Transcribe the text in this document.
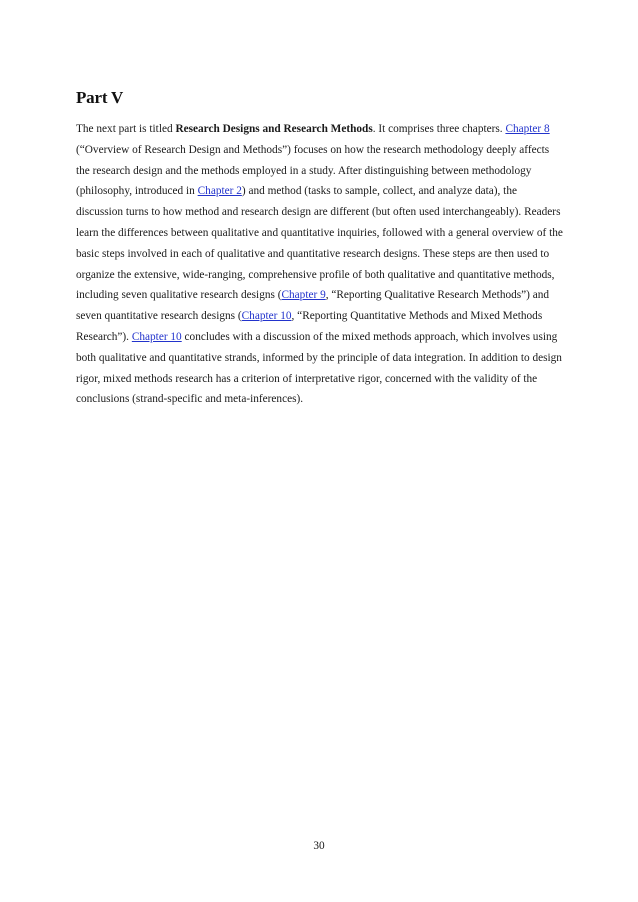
Part V

The next part is titled Research Designs and Research Methods. It comprises three chapters. Chapter 8 (“Overview of Research Design and Methods”) focuses on how the research methodology deeply affects the research design and the methods employed in a study. After distinguishing between methodology (philosophy, introduced in Chapter 2) and method (tasks to sample, collect, and analyze data), the discussion turns to how method and research design are different (but often used interchangeably). Readers learn the differences between qualitative and quantitative inquiries, followed with a general overview of the basic steps involved in each of qualitative and quantitative research designs. These steps are then used to organize the extensive, wide-ranging, comprehensive profile of both qualitative and quantitative methods, including seven qualitative research designs (Chapter 9, “Reporting Qualitative Research Methods”) and seven quantitative research designs (Chapter 10, “Reporting Quantitative Methods and Mixed Methods Research”). Chapter 10 concludes with a discussion of the mixed methods approach, which involves using both qualitative and quantitative strands, informed by the principle of data integration. In addition to design rigor, mixed methods research has a criterion of interpretative rigor, concerned with the validity of the conclusions (strand-specific and meta-inferences).

30
